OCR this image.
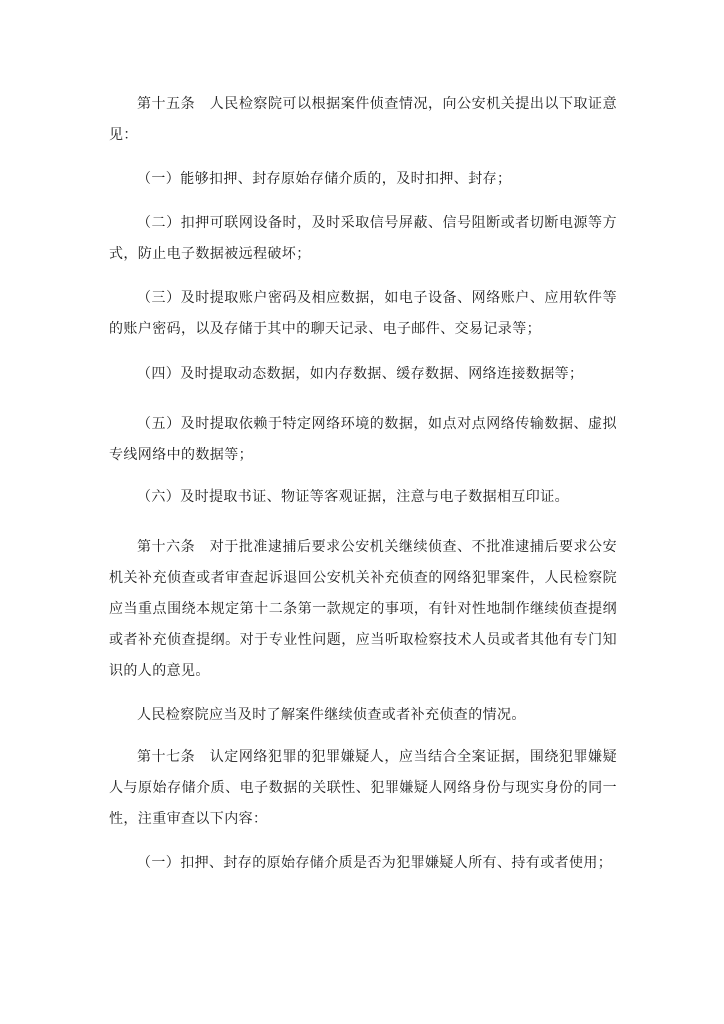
第十五条　人民检察院可以根据案件侦查情况，向公安机关提出以下取证意见：

（一）能够扣押、封存原始存储介质的，及时扣押、封存；

（二）扣押可联网设备时，及时采取信号屏蔽、信号阻断或者切断电源等方式，防止电子数据被远程破坏；

（三）及时提取账户密码及相应数据，如电子设备、网络账户、应用软件等的账户密码，以及存储于其中的聊天记录、电子邮件、交易记录等；

（四）及时提取动态数据，如内存数据、缓存数据、网络连接数据等；

（五）及时提取依赖于特定网络环境的数据，如点对点网络传输数据、虚拟专线网络中的数据等；

（六）及时提取书证、物证等客观证据，注意与电子数据相互印证。

第十六条　对于批准逮捕后要求公安机关继续侦查、不批准逮捕后要求公安机关补充侦查或者审查起诉退回公安机关补充侦查的网络犯罪案件，人民检察院应当重点围绕本规定第十二条第一款规定的事项，有针对性地制作继续侦查提纲或者补充侦查提纲。对于专业性问题，应当听取检察技术人员或者其他有专门知识的人的意见。

人民检察院应当及时了解案件继续侦查或者补充侦查的情况。

第十七条　认定网络犯罪的犯罪嫌疑人，应当结合全案证据，围绕犯罪嫌疑人与原始存储介质、电子数据的关联性、犯罪嫌疑人网络身份与现实身份的同一性，注重审查以下内容：

（一）扣押、封存的原始存储介质是否为犯罪嫌疑人所有、持有或者使用；
